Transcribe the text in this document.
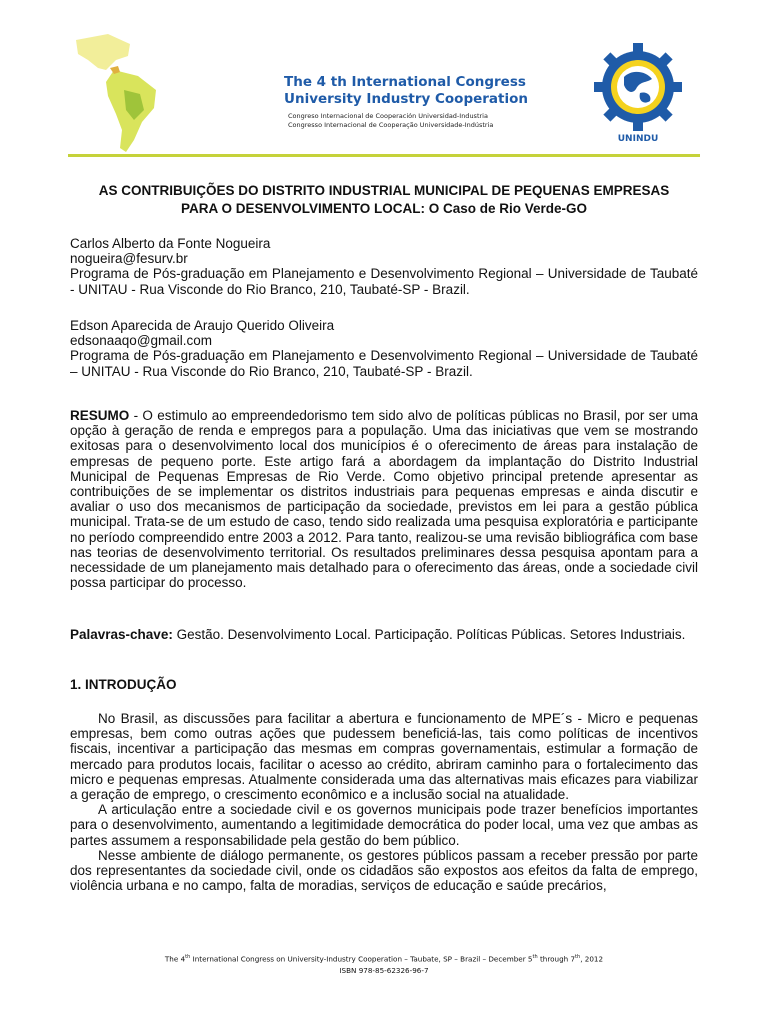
The 4 th International Congress
University Industry Cooperation
Congreso Internacional de Cooperación Universidad-Industria
Congresso Internacional de Cooperação Universidade-Indústria
UNINDU
AS CONTRIBUIÇÕES DO DISTRITO INDUSTRIAL MUNICIPAL DE PEQUENAS EMPRESAS
PARA O DESENVOLVIMENTO LOCAL: O Caso de Rio Verde-GO
Carlos Alberto da Fonte Nogueira
nogueira@fesurv.br
Programa de Pós-graduação em Planejamento e Desenvolvimento Regional – Universidade de Taubaté - UNITAU - Rua Visconde do Rio Branco, 210, Taubaté-SP - Brazil.
Edson Aparecida de Araujo Querido Oliveira
edsonaaqo@gmail.com
Programa de Pós-graduação em Planejamento e Desenvolvimento Regional – Universidade de Taubaté – UNITAU - Rua Visconde do Rio Branco, 210, Taubaté-SP - Brazil.

RESUMO - O estimulo ao empreendedorismo tem sido alvo de políticas públicas no Brasil, por ser uma opção à geração de renda e empregos para a população. Uma das iniciativas que vem se mostrando exitosas para o desenvolvimento local dos municípios é o oferecimento de áreas para instalação de empresas de pequeno porte. Este artigo fará a abordagem da implantação do Distrito Industrial Municipal de Pequenas Empresas de Rio Verde. Como objetivo principal pretende apresentar as contribuições de se implementar os distritos industriais para pequenas empresas e ainda discutir e avaliar o uso dos mecanismos de participação da sociedade, previstos em lei para a gestão pública municipal. Trata-se de um estudo de caso, tendo sido realizada uma pesquisa exploratória e participante no período compreendido entre 2003 a 2012. Para tanto, realizou-se uma revisão bibliográfica com base nas teorias de desenvolvimento territorial. Os resultados preliminares dessa pesquisa apontam para a necessidade de um planejamento mais detalhado para o oferecimento das áreas, onde a sociedade civil possa participar do processo.

Palavras-chave: Gestão. Desenvolvimento Local. Participação. Políticas Públicas. Setores Industriais.

1. INTRODUÇÃO

No Brasil, as discussões para facilitar a abertura e funcionamento de MPE´s - Micro e pequenas empresas, bem como outras ações que pudessem beneficiá-las, tais como políticas de incentivos fiscais, incentivar a participação das mesmas em compras governamentais, estimular a formação de mercado para produtos locais, facilitar o acesso ao crédito, abriram caminho para o fortalecimento das micro e pequenas empresas. Atualmente considerada uma das alternativas mais eficazes para viabilizar a geração de emprego, o crescimento econômico e a inclusão social na atualidade.

A articulação entre a sociedade civil e os governos municipais pode trazer benefícios importantes para o desenvolvimento, aumentando a legitimidade democrática do poder local, uma vez que ambas as partes assumem a responsabilidade pela gestão do bem público.

Nesse ambiente de diálogo permanente, os gestores públicos passam a receber pressão por parte dos representantes da sociedade civil, onde os cidadãos são expostos aos efeitos da falta de emprego, violência urbana e no campo, falta de moradias, serviços de educação e saúde precários,

The 4th International Congress on University-Industry Cooperation – Taubate, SP – Brazil – December 5th through 7th, 2012
ISBN 978-85-62326-96-7
